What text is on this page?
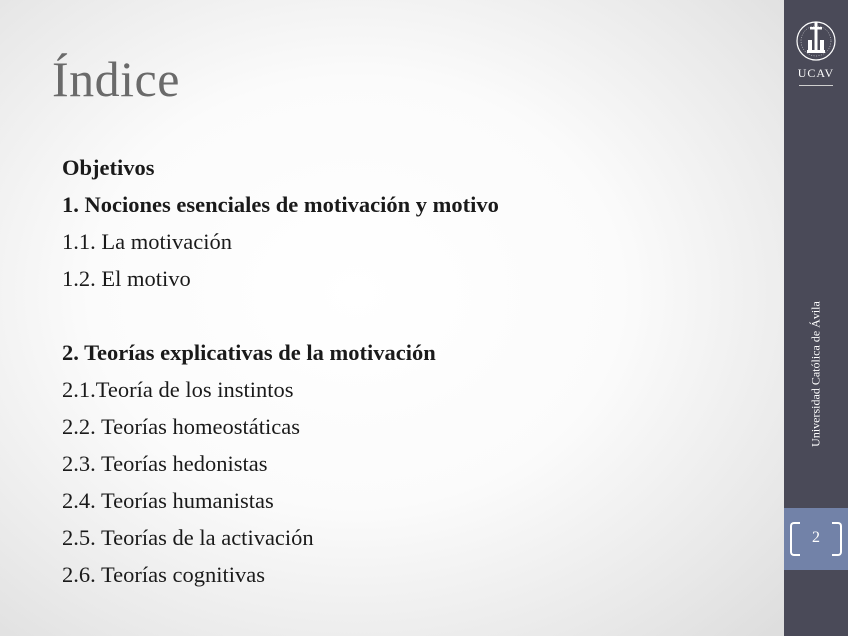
Índice
Objetivos
1. Nociones esenciales de motivación y motivo
1.1. La motivación
1.2. El motivo
2. Teorías explicativas de la motivación
2.1.Teoría de los instintos
2.2. Teorías homeostáticas
2.3. Teorías hedonistas
2.4. Teorías humanistas
2.5. Teorías de la activación
2.6. Teorías cognitivas
UCAV
Universidad Católica de Ávila
2
